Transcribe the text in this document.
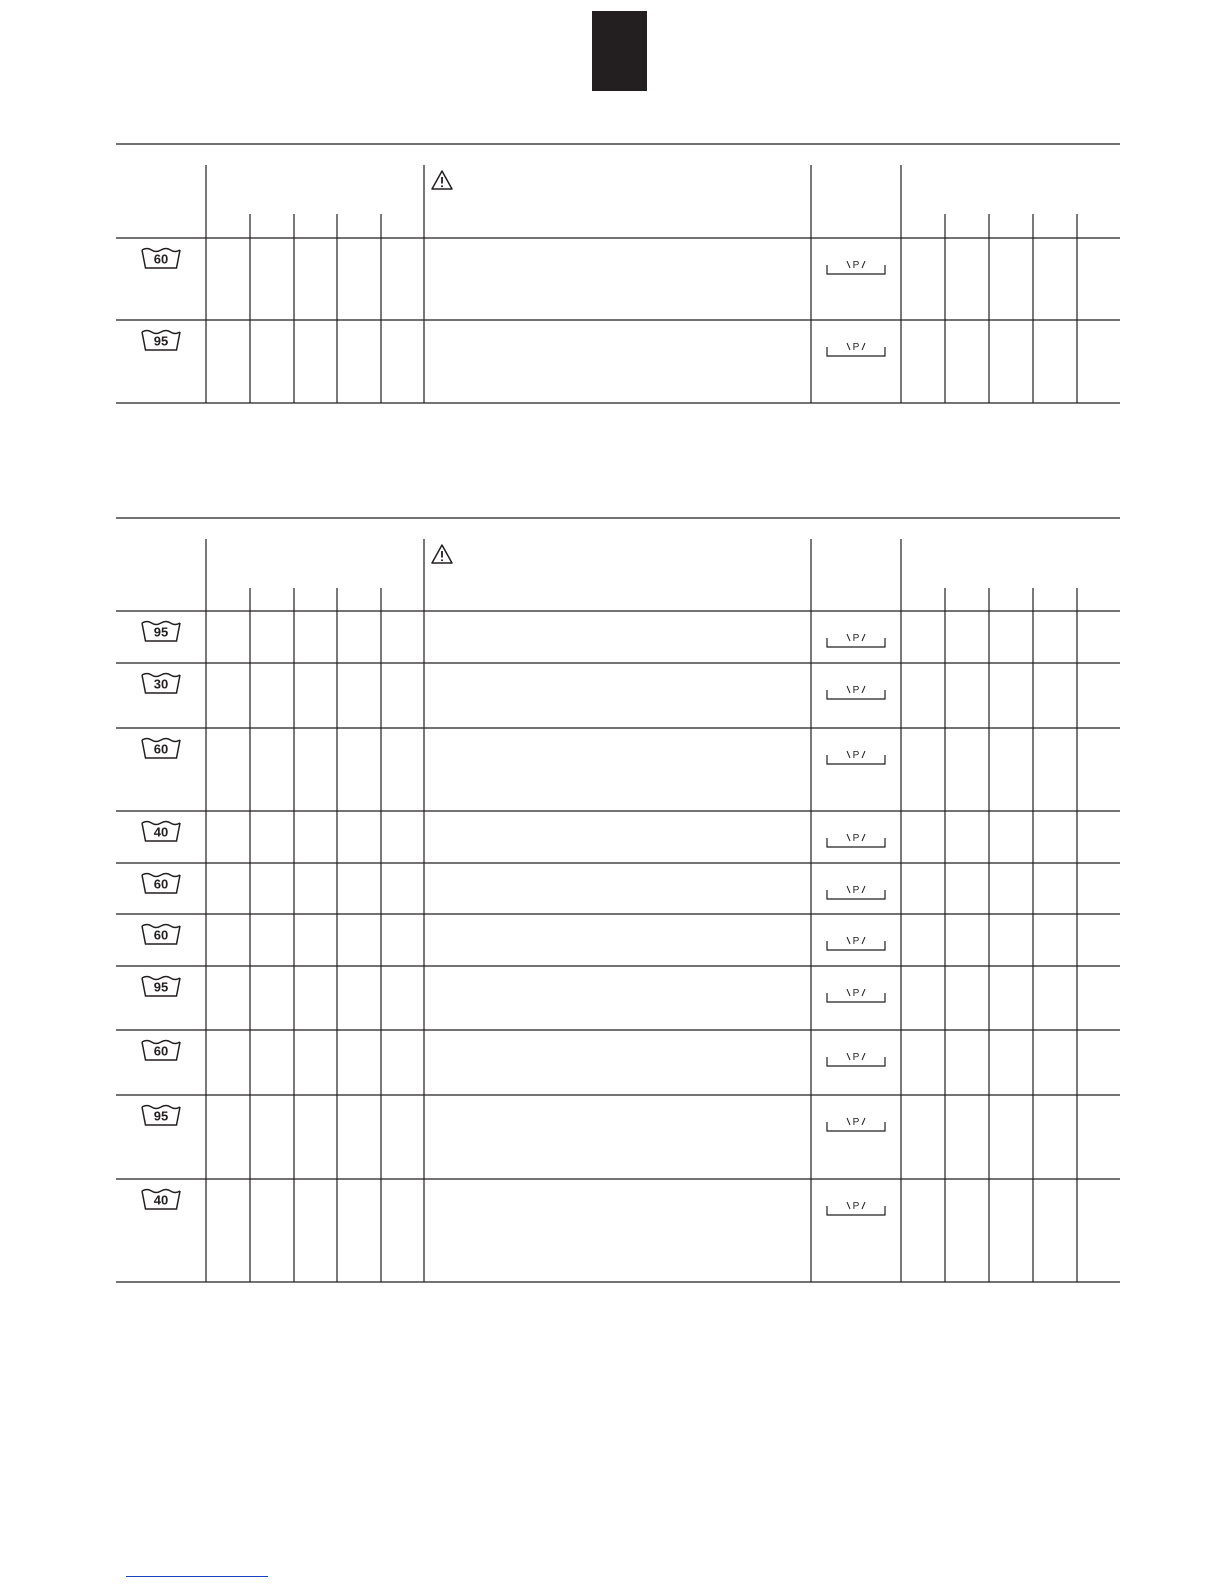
60	P
95	P
95	P
30	P
60	P
40	P
60	P
60	P
95	P
60	P
95	P
40	P
